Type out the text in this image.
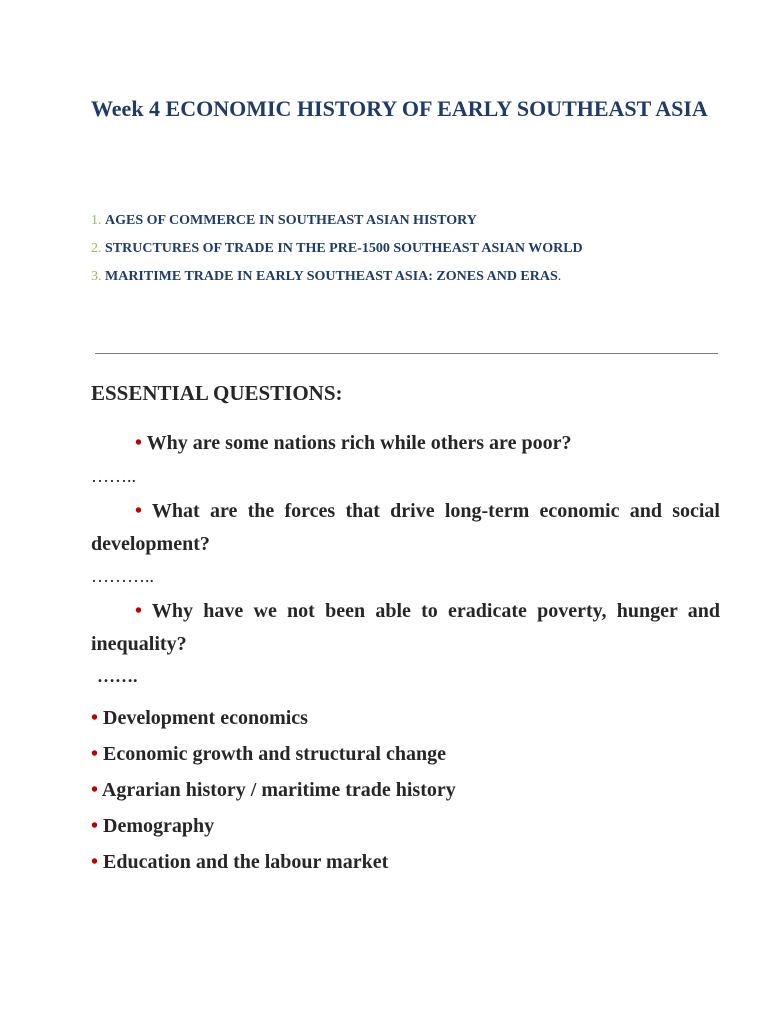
Week 4 ECONOMIC HISTORY OF EARLY SOUTHEAST ASIA
1. AGES OF COMMERCE IN SOUTHEAST ASIAN HISTORY
2. STRUCTURES OF TRADE IN THE PRE-1500 SOUTHEAST ASIAN WORLD
3. MARITIME TRADE IN EARLY SOUTHEAST ASIA: ZONES AND ERAS.
ESSENTIAL QUESTIONS:

• Why are some nations rich while others are poor?

……..

• What are the forces that drive long-term economic and social development?

………..

• Why have we not been able to eradicate poverty, hunger and inequality?

…….
• Development economics
• Economic growth and structural change
• Agrarian history / maritime trade history
• Demography
• Education and the labour market
